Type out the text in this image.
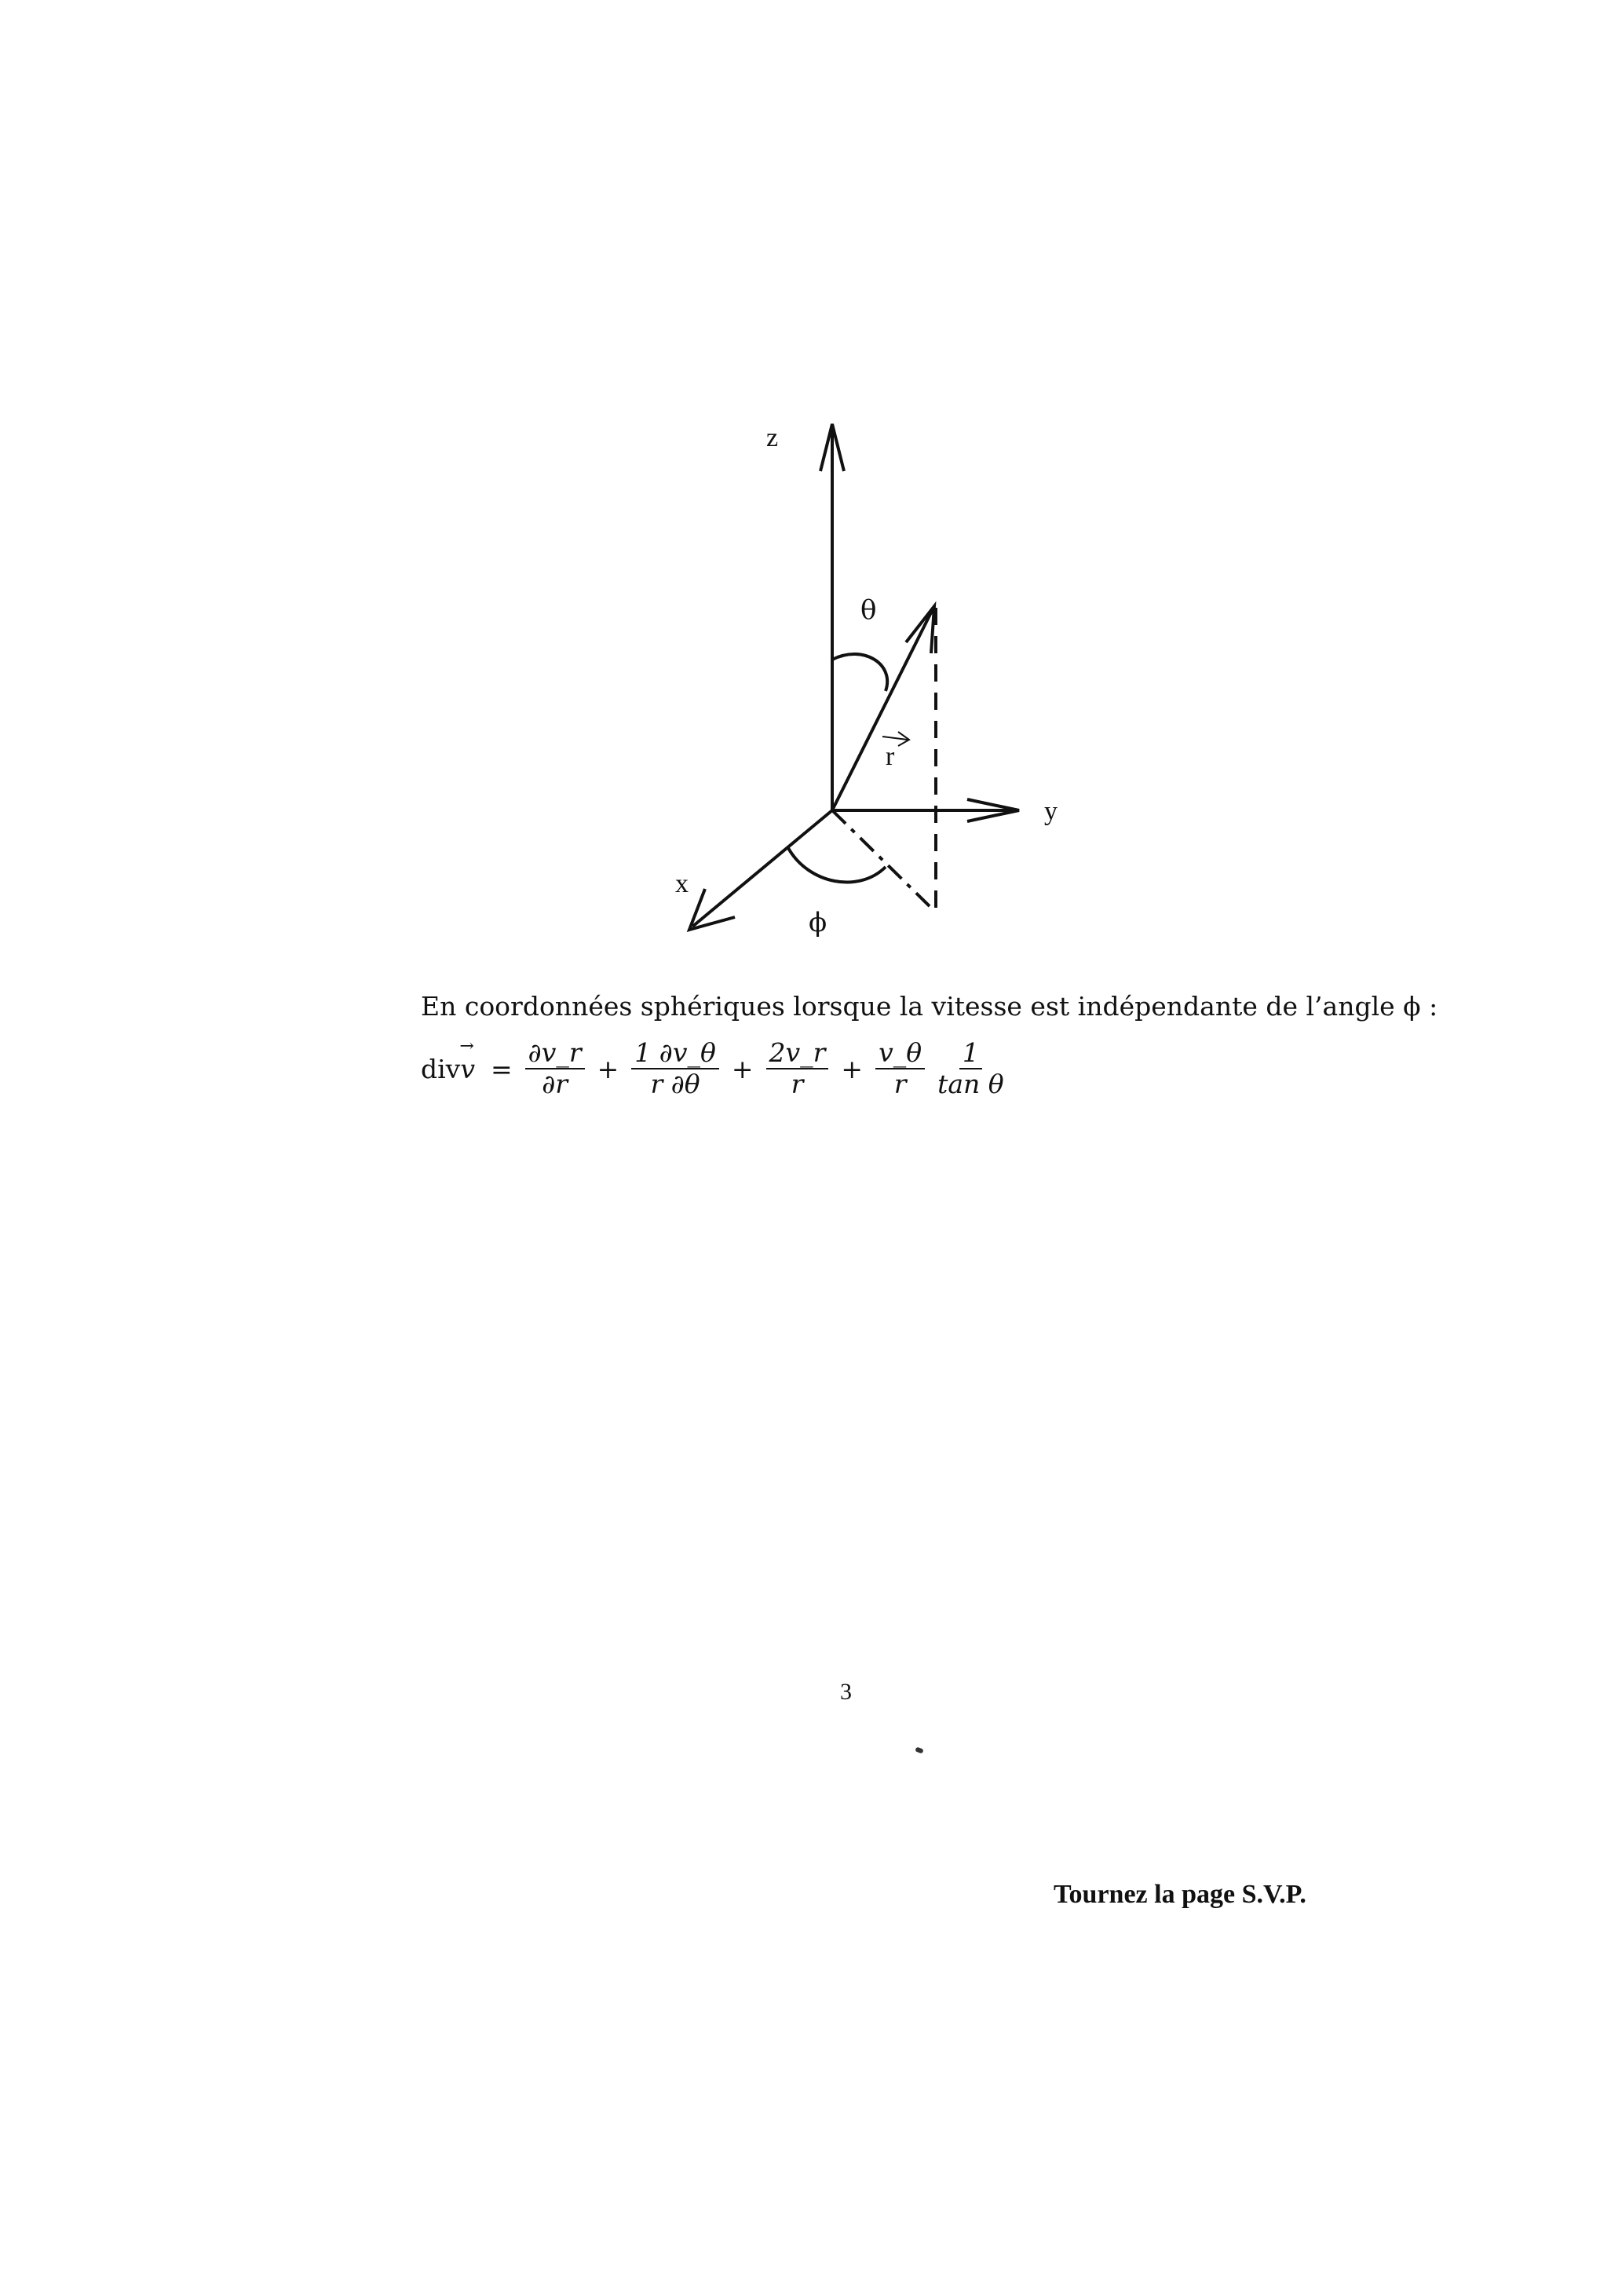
z
y
x
θ
ϕ
r
En coordonnées sphériques lorsque la vitesse est indépendante de l’angle ϕ :
$div\to v = \frac{\partial v\_r}{\partial r} + \frac{1 \partial v\_\theta}{r \partial\theta} + \frac{2v\_r}{r} + \frac{v\_\theta}{r} \frac{1}{\text{tan θ}}$
3
Tournez la page S.V.P.
